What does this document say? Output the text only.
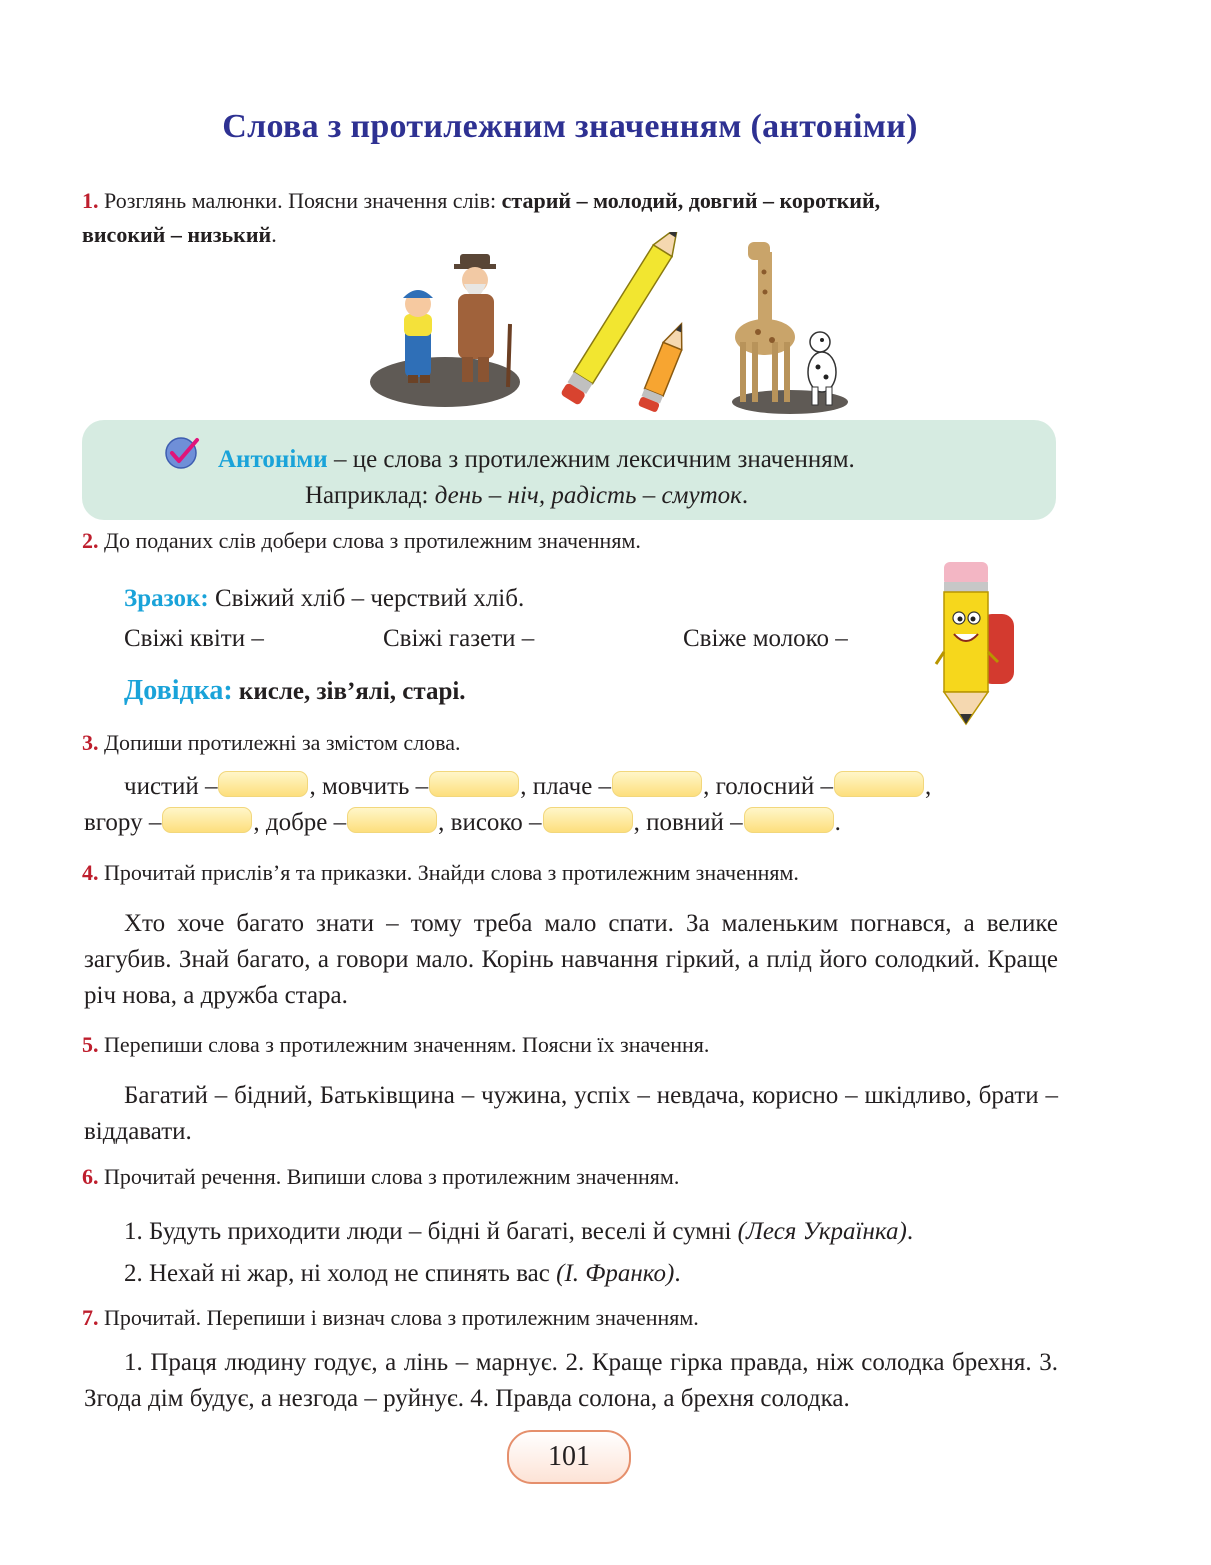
Слова з протилежним значенням (антоніми)
1. Розглянь малюнки. Поясни значення слів: старий – молодий, довгий – короткий,
високий – низький.
Антоніми – це слова з протилежним лексичним значенням.
Наприклад: день – ніч, радість – смуток.
2. До поданих слів добери слова з протилежним значенням.
Зразок: Свіжий хліб – черствий хліб.
Свіжі квіти –	Свіжі газети –	Свіже молоко –
Довідка: кисле, зів’ялі, старі.
3. Допиши протилежні за змістом слова.
чистий –	, мовчить –	, плаче –	, голосний –	,
вгору –	, добре –	, високо –	, повний –	.
4. Прочитай прислів’я та приказки. Знайди слова з протилежним значенням.
Хто хоче багато знати – тому треба мало спати. За маленьким погнався, а велике загубив. Знай багато, а говори мало. Корінь навчання гіркий, а плід його солодкий. Краще річ нова, а дружба стара.
5. Перепиши слова з протилежним значенням. Поясни їх значення.
Багатий – бідний, Батьківщина – чужина, успіх – невдача, корисно – шкідливо, брати – віддавати.
6. Прочитай речення. Випиши слова з протилежним значенням.
1. Будуть приходити люди – бідні й багаті, веселі й сумні (Леся Українка).
2. Нехай ні жар, ні холод не спинять вас (І. Франко).
7. Прочитай. Перепиши і визнач слова з протилежним значенням.
1. Праця людину годує, а лінь – марнує. 2. Краще гірка правда, ніж солодка брехня. 3. Згода дім будує, а незгода – руйнує. 4. Правда солона, а брехня солодка.
101
